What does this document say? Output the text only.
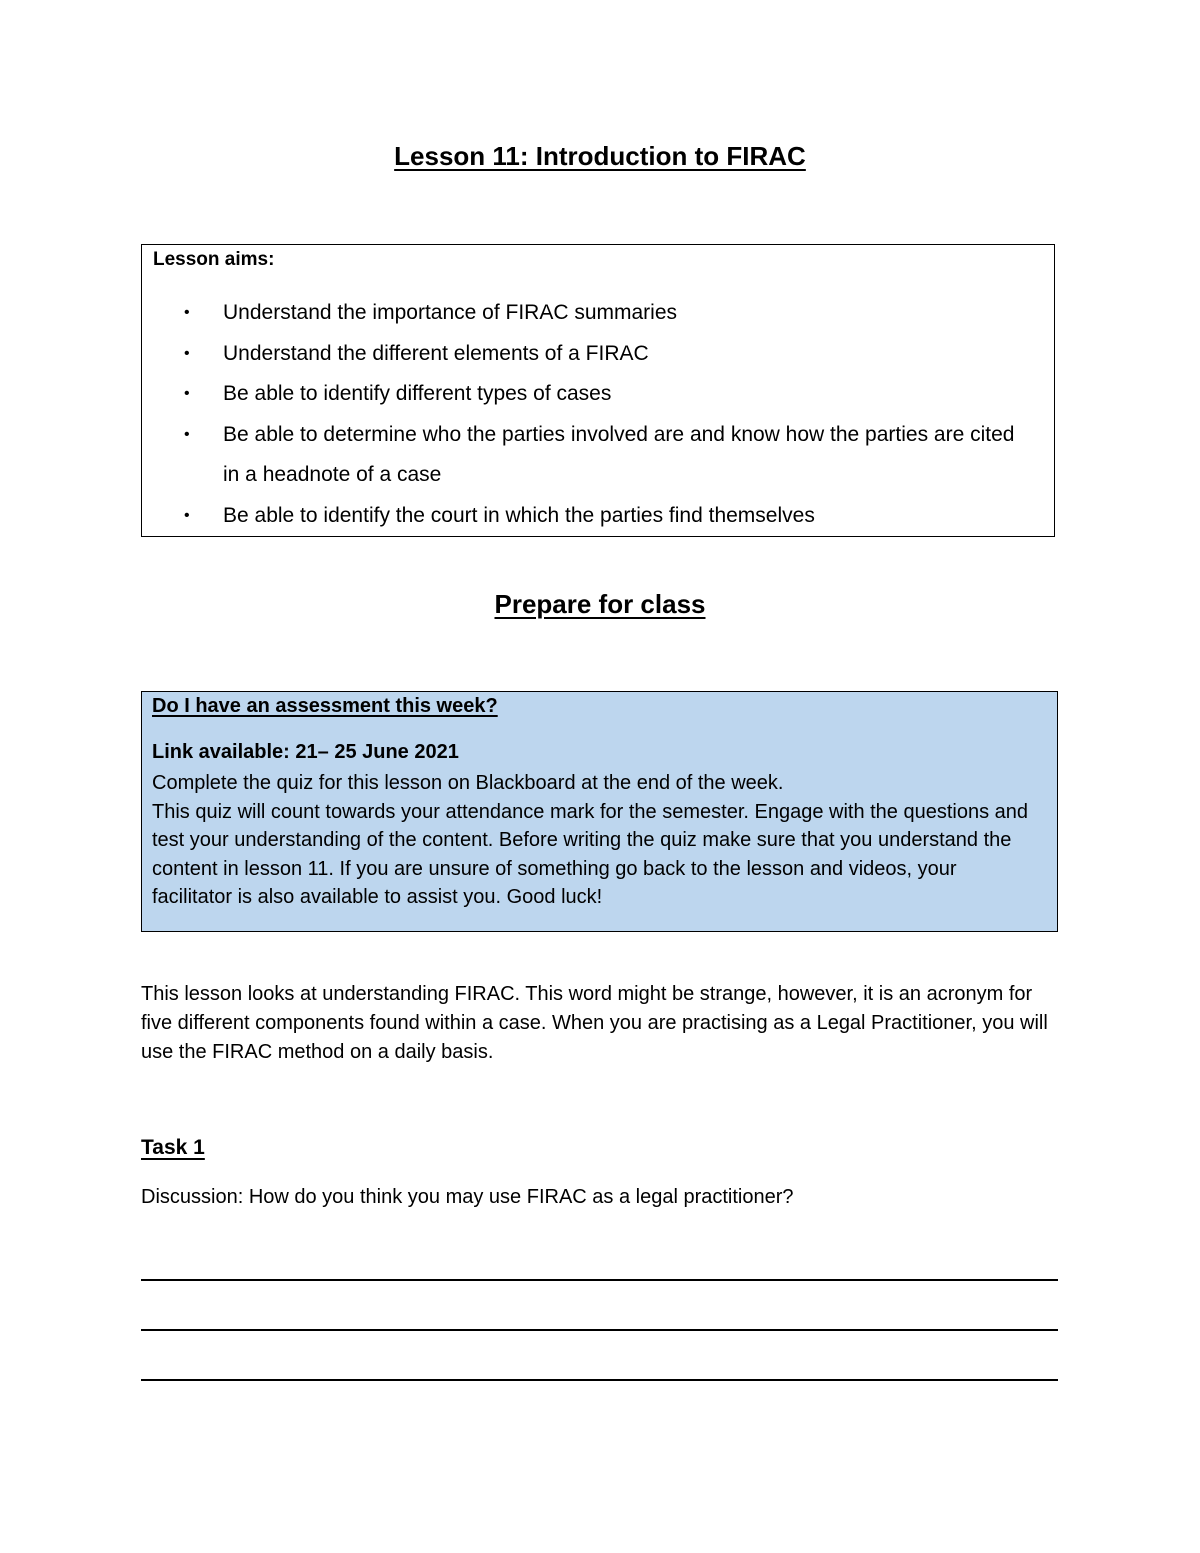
Lesson 11: Introduction to FIRAC
Lesson aims:
• Understand the importance of FIRAC summaries
• Understand the different elements of a FIRAC
• Be able to identify different types of cases
• Be able to determine who the parties involved are and know how the parties are cited in a headnote of a case
• Be able to identify the court in which the parties find themselves
Prepare for class
Do I have an assessment this week?
Link available: 21– 25 June 2021
Complete the quiz for this lesson on Blackboard at the end of the week.
This quiz will count towards your attendance mark for the semester. Engage with the questions and test your understanding of the content. Before writing the quiz make sure that you understand the content in lesson 11. If you are unsure of something go back to the lesson and videos, your facilitator is also available to assist you. Good luck!
This lesson looks at understanding FIRAC. This word might be strange, however, it is an acronym for five different components found within a case. When you are practising as a Legal Practitioner, you will use the FIRAC method on a daily basis.
Task 1
Discussion: How do you think you may use FIRAC as a legal practitioner?
